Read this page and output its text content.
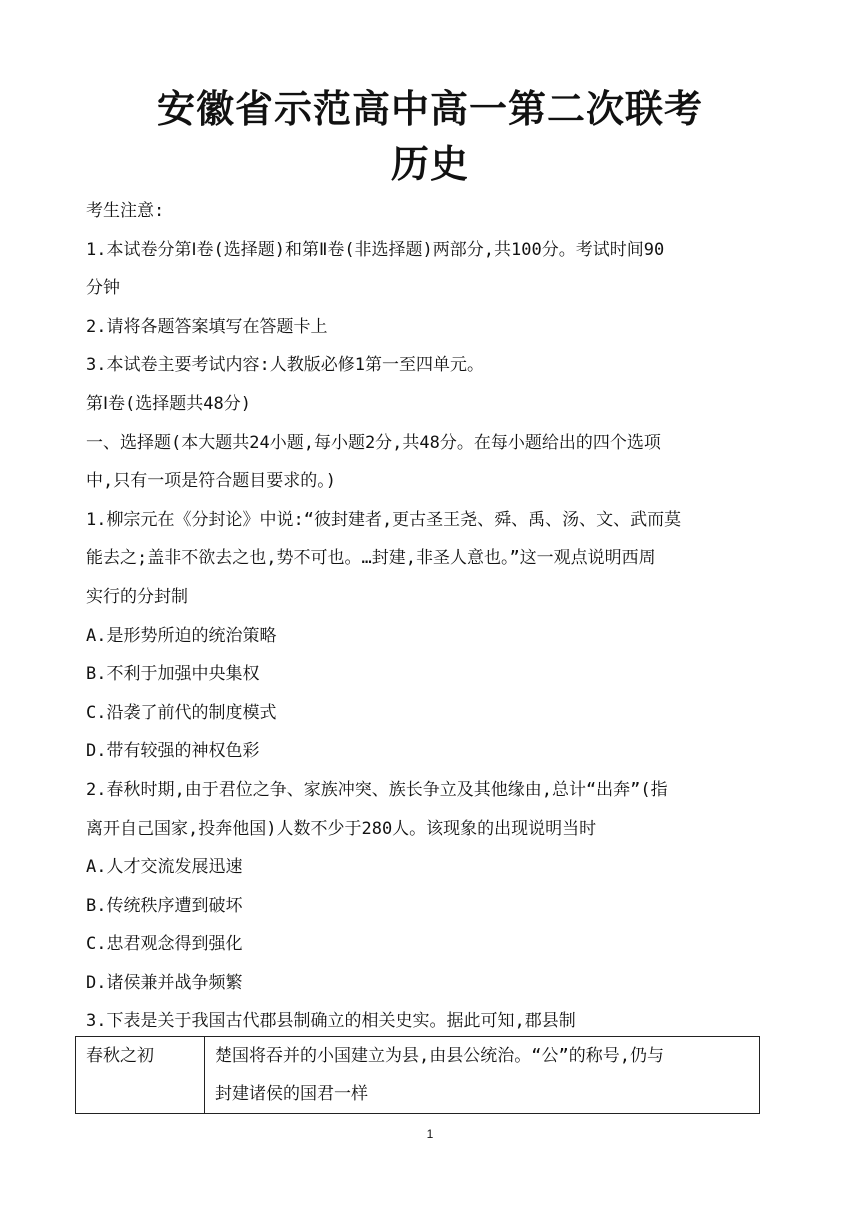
安徽省示范高中高一第二次联考
历史
考生注意:
1.本试卷分第Ⅰ卷(选择题)和第Ⅱ卷(非选择题)两部分,共100分。考试时间90
分钟
2.请将各题答案填写在答题卡上
3.本试卷主要考试内容:人教版必修1第一至四单元。
第Ⅰ卷(选择题共48分)
一、选择题(本大题共24小题,每小题2分,共48分。在每小题给出的四个选项
中,只有一项是符合题目要求的。)
1.柳宗元在《分封论》中说:“彼封建者,更古圣王尧、舜、禹、汤、文、武而莫
能去之;盖非不欲去之也,势不可也。…封建,非圣人意也。”这一观点说明西周
实行的分封制
A.是形势所迫的统治策略
B.不利于加强中央集权
C.沿袭了前代的制度模式
D.带有较强的神权色彩
2.春秋时期,由于君位之争、家族冲突、族长争立及其他缘由,总计“出奔”(指
离开自己国家,投奔他国)人数不少于280人。该现象的出现说明当时
A.人才交流发展迅速
B.传统秩序遭到破坏
C.忠君观念得到强化
D.诸侯兼并战争频繁
3.下表是关于我国古代郡县制确立的相关史实。据此可知,郡县制
春秋之初	楚国将吞并的小国建立为县,由县公统治。“公”的称号,仍与
封建诸侯的国君一样
1
